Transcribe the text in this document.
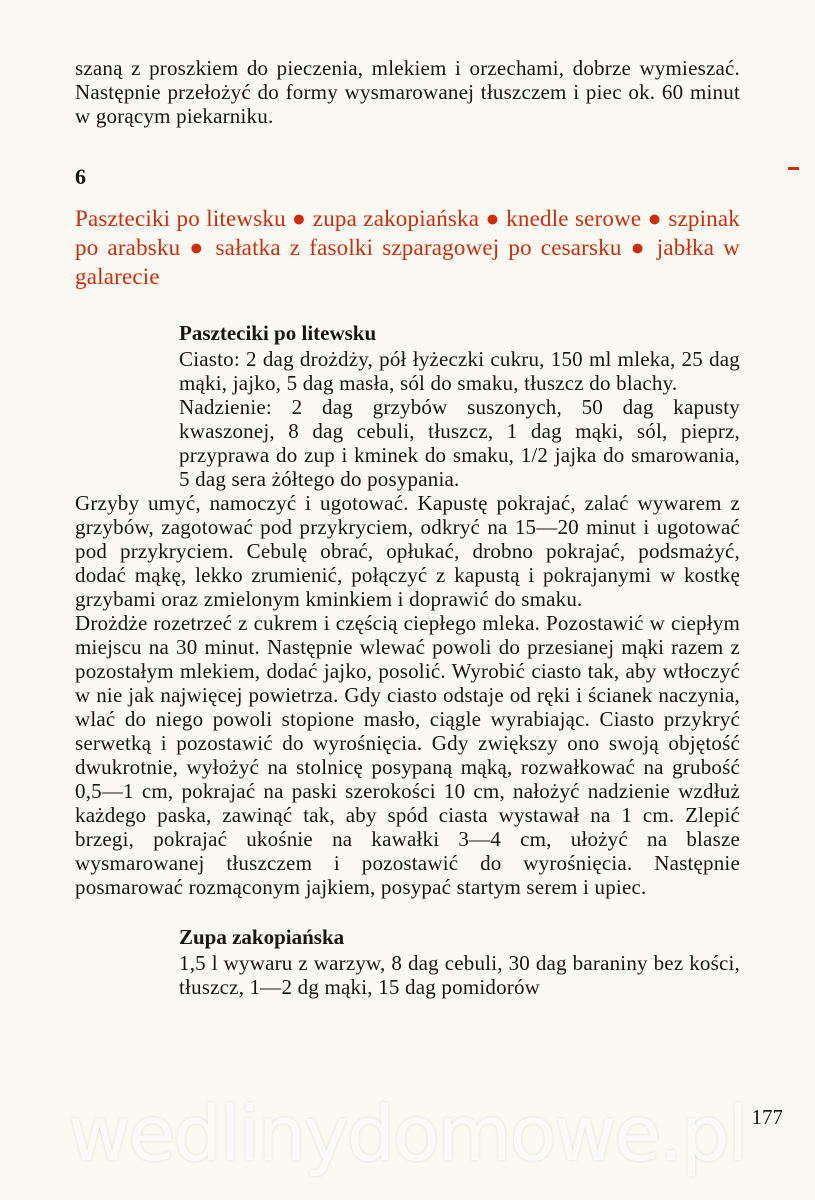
szaną z proszkiem do pieczenia, mlekiem i orzechami, dobrze wymieszać. Następnie przełożyć do formy wysmarowanej tłuszczem i piec ok. 60 minut w gorącym piekarniku.

6
Paszteciki po litewsku ● zupa zakopiańska ● knedle serowe ● szpinak po arabsku ● sałatka z fasolki szparagowej po cesarsku ● jabłka w galarecie
Paszteciki po litewsku

Ciasto: 2 dag drożdży, pół łyżeczki cukru, 150 ml mleka, 25 dag mąki, jajko, 5 dag masła, sól do smaku, tłuszcz do blachy.

Nadzienie: 2 dag grzybów suszonych, 50 dag kapusty kwaszonej, 8 dag cebuli, tłuszcz, 1 dag mąki, sól, pieprz, przyprawa do zup i kminek do smaku, 1/2 jajka do smarowania, 5 dag sera żółtego do posypania.

Grzyby umyć, namoczyć i ugotować. Kapustę pokrajać, zalać wywarem z grzybów, zagotować pod przykryciem, odkryć na 15—20 minut i ugotować pod przykryciem. Cebulę obrać, opłukać, drobno pokrajać, podsmażyć, dodać mąkę, lekko zrumienić, połączyć z kapustą i pokrajanymi w kostkę grzybami oraz zmielonym kminkiem i doprawić do smaku.

Drożdże rozetrzeć z cukrem i częścią ciepłego mleka. Pozostawić w ciepłym miejscu na 30 minut. Następnie wlewać powoli do przesianej mąki razem z pozostałym mlekiem, dodać jajko, posolić. Wyrobić ciasto tak, aby wtłoczyć w nie jak najwięcej powietrza. Gdy ciasto odstaje od ręki i ścianek naczynia, wlać do niego powoli stopione masło, ciągle wyrabiając. Ciasto przykryć serwetką i pozostawić do wyrośnięcia. Gdy zwiększy ono swoją objętość dwukrotnie, wyłożyć na stolnicę posypaną mąką, rozwałkować na grubość 0,5—1 cm, pokrajać na paski szerokości 10 cm, nałożyć nadzienie wzdłuż każdego paska, zawinąć tak, aby spód ciasta wystawał na 1 cm. Zlepić brzegi, pokrajać ukośnie na kawałki 3—4 cm, ułożyć na blasze wysmarowanej tłuszczem i pozostawić do wyrośnięcia. Następnie posmarować rozmąconym jajkiem, posypać startym serem i upiec.

Zupa zakopiańska

1,5 l wywaru z warzyw, 8 dag cebuli, 30 dag baraniny bez kości, tłuszcz, 1—2 dg mąki, 15 dag pomidorów

wedlinydomowe.pl 177
